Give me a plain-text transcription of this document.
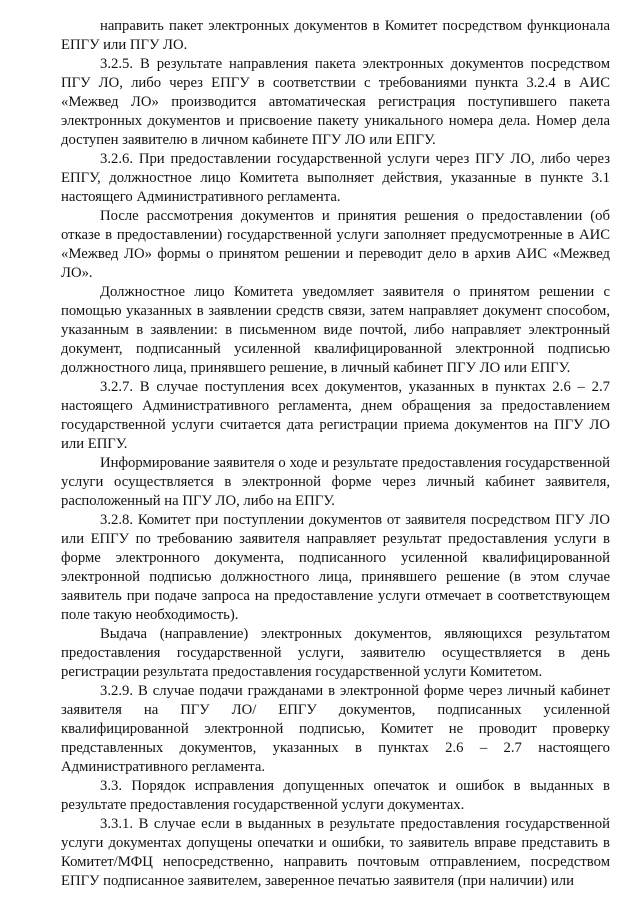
направить пакет электронных документов в Комитет посредством функционала ЕПГУ или ПГУ ЛО.

3.2.5. В результате направления пакета электронных документов посредством ПГУ ЛО, либо через ЕПГУ в соответствии с требованиями пункта 3.2.4 в АИС «Межвед ЛО» производится автоматическая регистрация поступившего пакета электронных документов и присвоение пакету уникального номера дела. Номер дела доступен заявителю в личном кабинете ПГУ ЛО или ЕПГУ.

3.2.6. При предоставлении государственной услуги через ПГУ ЛО, либо через ЕПГУ, должностное лицо Комитета выполняет действия, указанные в пункте 3.1 настоящего Административного регламента.

После рассмотрения документов и принятия решения о предоставлении (об отказе в предоставлении) государственной услуги заполняет предусмотренные в АИС «Межвед ЛО» формы о принятом решении и переводит дело в архив АИС «Межвед ЛО».

Должностное лицо Комитета уведомляет заявителя о принятом решении с помощью указанных в заявлении средств связи, затем направляет документ способом, указанным в заявлении: в письменном виде почтой, либо направляет электронный документ, подписанный усиленной квалифицированной электронной подписью должностного лица, принявшего решение, в личный кабинет ПГУ ЛО или ЕПГУ.

3.2.7. В случае поступления всех документов, указанных в пунктах 2.6 – 2.7 настоящего Административного регламента, днем обращения за предоставлением государственной услуги считается дата регистрации приема документов на ПГУ ЛО или ЕПГУ.

Информирование заявителя о ходе и результате предоставления государственной услуги осуществляется в электронной форме через личный кабинет заявителя, расположенный на ПГУ ЛО, либо на ЕПГУ.

3.2.8. Комитет при поступлении документов от заявителя посредством ПГУ ЛО или ЕПГУ по требованию заявителя направляет результат предоставления услуги в форме электронного документа, подписанного усиленной квалифицированной электронной подписью должностного лица, принявшего решение (в этом случае заявитель при подаче запроса на предоставление услуги отмечает в соответствующем поле такую необходимость).

Выдача (направление) электронных документов, являющихся результатом предоставления государственной услуги, заявителю осуществляется в день регистрации результата предоставления государственной услуги Комитетом.

3.2.9. В случае подачи гражданами в электронной форме через личный кабинет заявителя на ПГУ ЛО/ ЕПГУ документов, подписанных усиленной квалифицированной электронной подписью, Комитет не проводит проверку представленных документов, указанных в пунктах 2.6 – 2.7 настоящего Административного регламента.

3.3. Порядок исправления допущенных опечаток и ошибок в выданных в результате предоставления государственной услуги документах.

3.3.1. В случае если в выданных в результате предоставления государственной услуги документах допущены опечатки и ошибки, то заявитель вправе представить в Комитет/МФЦ непосредственно, направить почтовым отправлением, посредством ЕПГУ подписанное заявителем, заверенное печатью заявителя (при наличии) или
